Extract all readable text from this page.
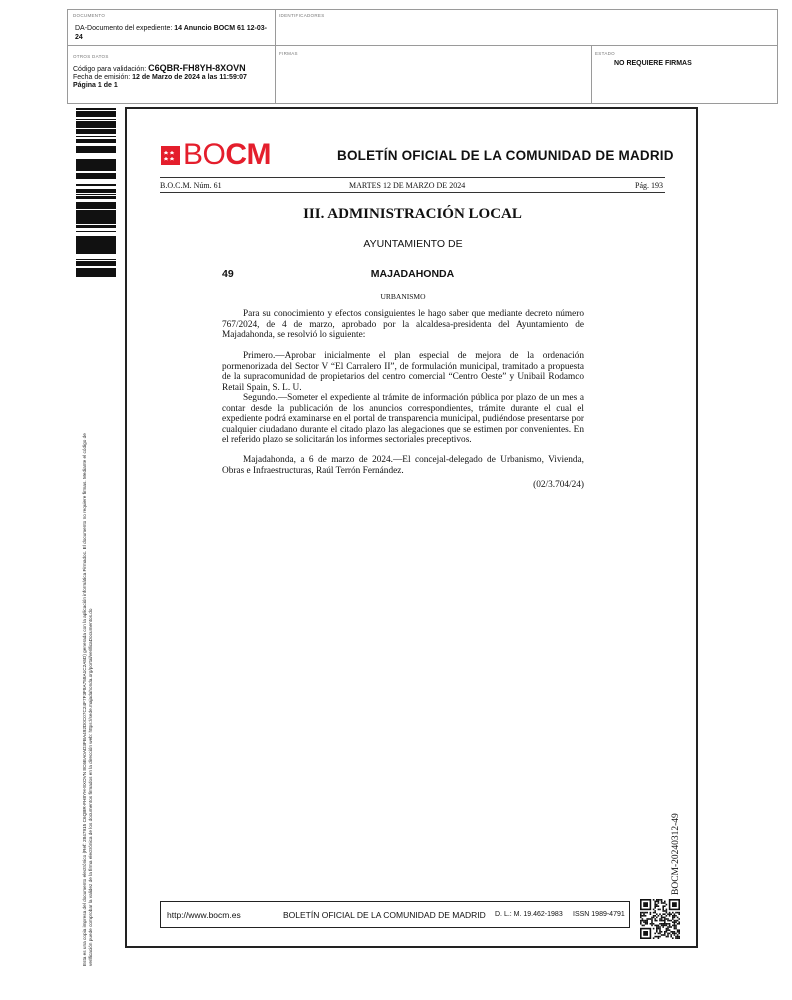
DOCUMENTO
DA-Documento del expediente: 14 Anuncio BOCM 61 12-03-24
IDENTIFICADORES
OTROS DATOS
Código para validación: C6QBR-FH8YH-8XOVN
Fecha de emisión: 12 de Marzo de 2024 a las 11:59:07
Página 1 de 1
FIRMAS	ESTADO
NO REQUIERE FIRMAS
Esta es una copia impresa del documento electrónico (Ref: 2847915 C6QBR-FH8YH-8XOVN 8C6EA0AD3FBA492D0C07C24F7F3F8A758A1C2A5D) generada con la aplicación informática Firmadoc. El documento no requiere firmas. Mediante el código de verificación puede comprobar la validez de la firma electrónica de los documentos firmados en la dirección web: https://sede.majadahonda.org/portal/verificaDocumentos.do
BOCM	BOLETÍN OFICIAL DE LA COMUNIDAD DE MADRID
B.O.C.M. Núm. 61	MARTES 12 DE MARZO DE 2024	Pág. 193
III. ADMINISTRACIÓN LOCAL
AYUNTAMIENTO DE
49	MAJADAHONDA
URBANISMO

Para su conocimiento y efectos consiguientes le hago saber que mediante decreto número 767/2024, de 4 de marzo, aprobado por la alcaldesa-presidenta del Ayuntamiento de Majadahonda, se resolvió lo siguiente:

Primero.—Aprobar inicialmente el plan especial de mejora de la ordenación pormenorizada del Sector V “El Carralero II”, de formulación municipal, tramitado a propuesta de la supracomunidad de propietarios del centro comercial “Centro Oeste” y Unibail Rodamco Retail Spain, S. L. U.

Segundo.—Someter el expediente al trámite de información pública por plazo de un mes a contar desde la publicación de los anuncios correspondientes, trámite durante el cual el expediente podrá examinarse en el portal de transparencia municipal, pudiéndose presentarse por cualquier ciudadano durante el citado plazo las alegaciones que se estimen por convenientes. En el referido plazo se solicitarán los informes sectoriales preceptivos.

Majadahonda, a 6 de marzo de 2024.—El concejal-delegado de Urbanismo, Vivienda, Obras e Infraestructuras, Raúl Terrón Fernández.

(02/3.704/24)
BOCM-20240312-49
http://www.bocm.es	BOLETÍN OFICIAL DE LA COMUNIDAD DE MADRID D. L.: M. 19.462-1983 ISSN 1989-4791
